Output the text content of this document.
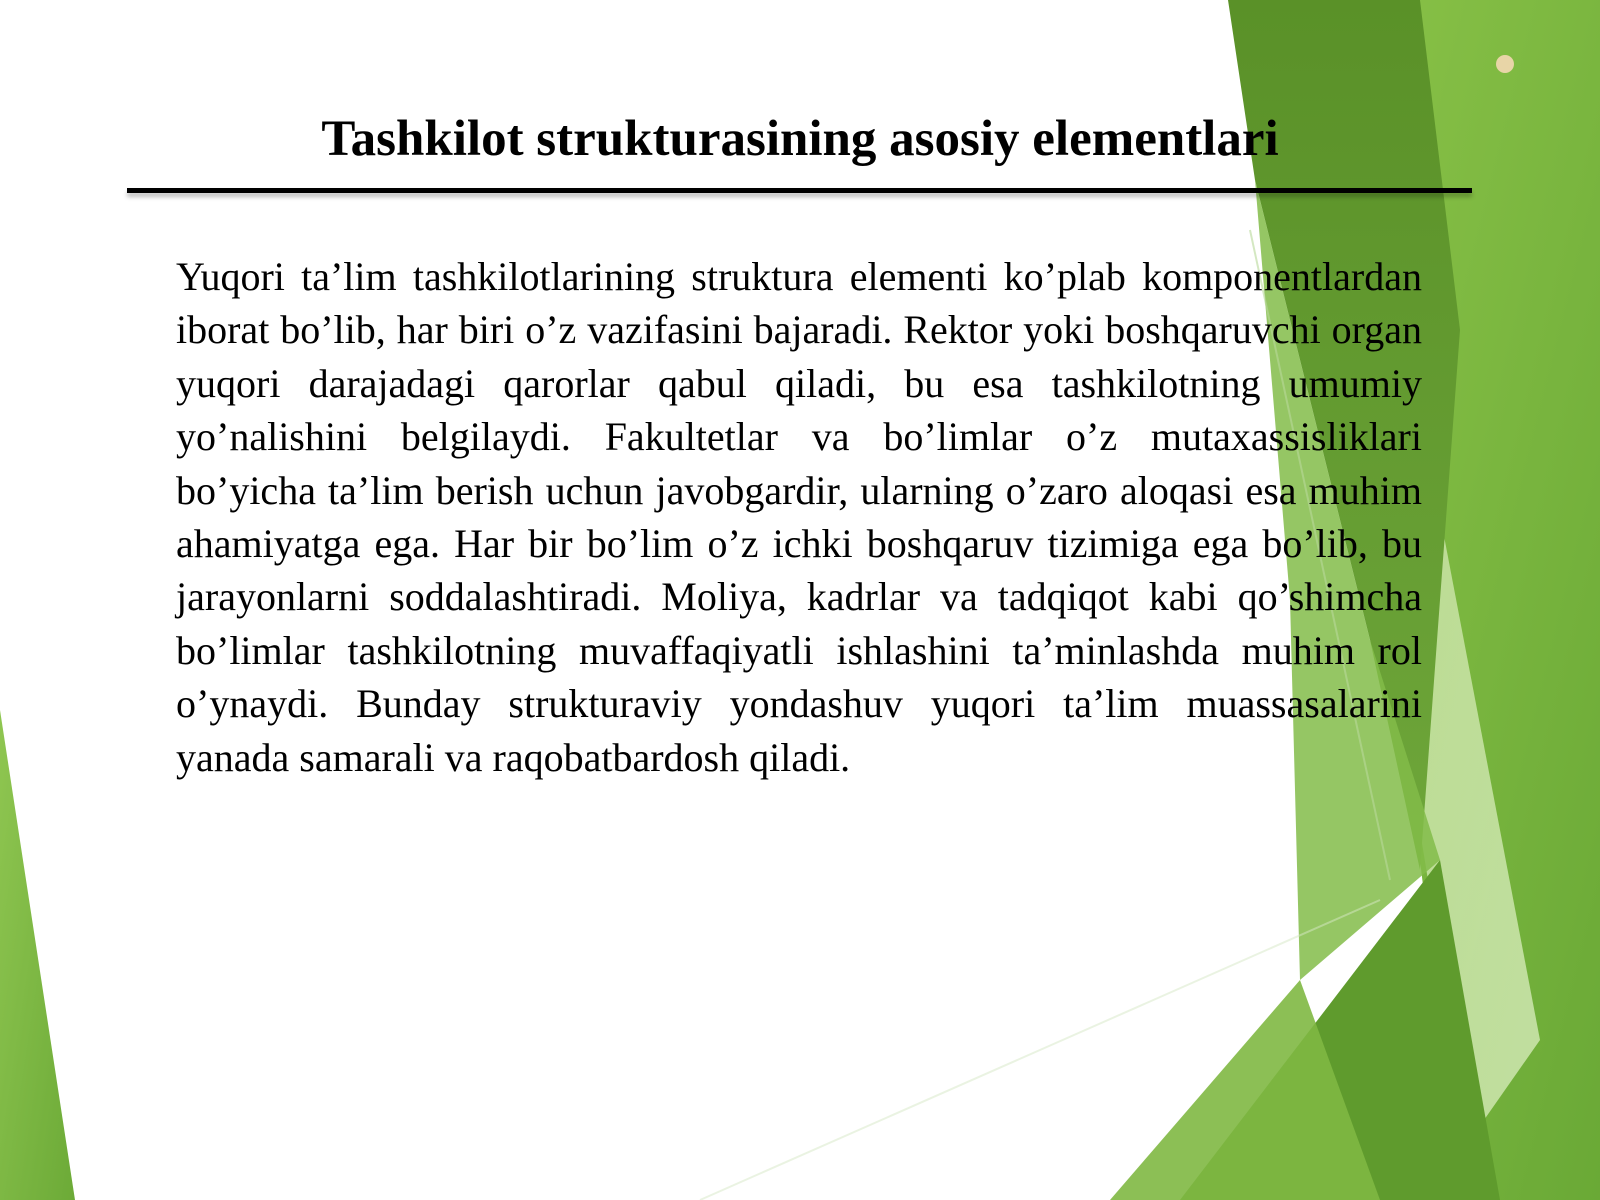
Tashkilot strukturasining asosiy elementlari

Yuqori ta’lim tashkilotlarining struktura elementi ko’plab komponentlardan iborat bo’lib, har biri o’z vazifasini bajaradi. Rektor yoki boshqaruvchi organ yuqori darajadagi qarorlar qabul qiladi, bu esa tashkilotning umumiy yo’nalishini belgilaydi. Fakultetlar va bo’limlar o’z mutaxassisliklari bo’yicha ta’lim berish uchun javobgardir, ularning o’zaro aloqasi esa muhim ahamiyatga ega. Har bir bo’lim o’z ichki boshqaruv tizimiga ega bo’lib, bu jarayonlarni soddalashtiradi. Moliya, kadrlar va tadqiqot kabi qo’shimcha bo’limlar tashkilotning muvaffaqiyatli ishlashini ta’minlashda muhim rol o’ynaydi. Bunday strukturaviy yondashuv yuqori ta’lim muassasalarini yanada samarali va raqobatbardosh qiladi.
